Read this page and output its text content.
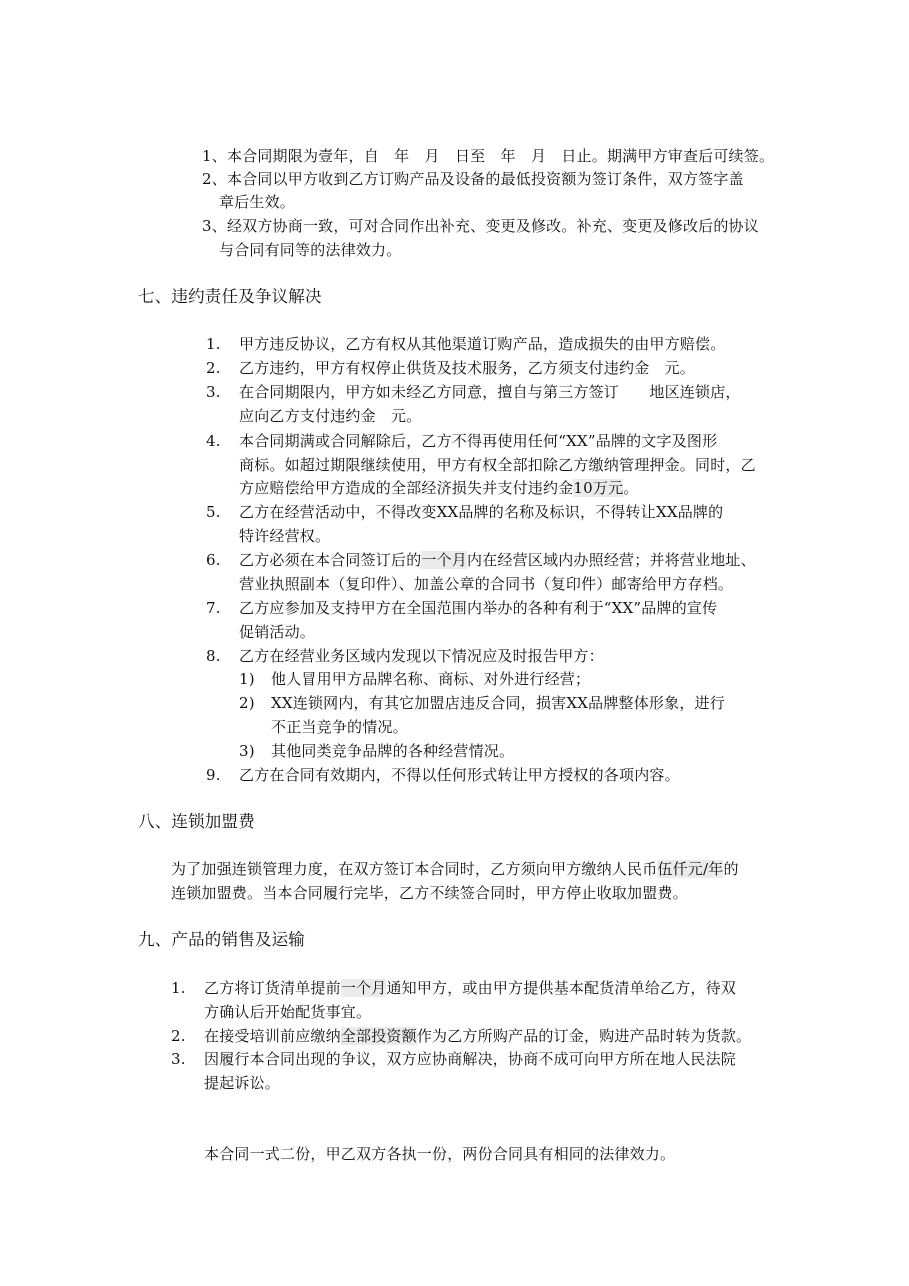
1、本合同期限为壹年，自　年　月　日至　年　月　日止。期满甲方审查后可续签。
2、本合同以甲方收到乙方订购产品及设备的最低投资额为签订条件，双方签字盖
章后生效。
3、经双方协商一致，可对合同作出补充、变更及修改。补充、变更及修改后的协议
与合同有同等的法律效力。
七、违约责任及争议解决
1. 甲方违反协议，乙方有权从其他渠道订购产品，造成损失的由甲方赔偿。
2. 乙方违约，甲方有权停止供货及技术服务，乙方须支付违约金　元。
3. 在合同期限内，甲方如未经乙方同意，擅自与第三方签订　　地区连锁店，
应向乙方支付违约金　元。
4. 本合同期满或合同解除后，乙方不得再使用任何“XX”品牌的文字及图形
商标。如超过期限继续使用，甲方有权全部扣除乙方缴纳管理押金。同时，乙
方应赔偿给甲方造成的全部经济损失并支付违约金10万元。
5. 乙方在经营活动中，不得改变XX品牌的名称及标识，不得转让XX品牌的
特许经营权。
6. 乙方必须在本合同签订后的一个月内在经营区域内办照经营；并将营业地址、
营业执照副本（复印件）、加盖公章的合同书（复印件）邮寄给甲方存档。
7. 乙方应参加及支持甲方在全国范围内举办的各种有利于“XX”品牌的宣传
促销活动。
8. 乙方在经营业务区域内发现以下情况应及时报告甲方：
1) 他人冒用甲方品牌名称、商标、对外进行经营；
2) XX连锁网内，有其它加盟店违反合同，损害XX品牌整体形象，进行
不正当竞争的情况。
3) 其他同类竞争品牌的各种经营情况。
9. 乙方在合同有效期内，不得以任何形式转让甲方授权的各项内容。
八、连锁加盟费
为了加强连锁管理力度，在双方签订本合同时，乙方须向甲方缴纳人民币伍仟元/年的
连锁加盟费。当本合同履行完毕，乙方不续签合同时，甲方停止收取加盟费。
九、产品的销售及运输
1. 乙方将订货清单提前一个月通知甲方，或由甲方提供基本配货清单给乙方，待双
方确认后开始配货事宜。
2. 在接受培训前应缴纳全部投资额作为乙方所购产品的订金，购进产品时转为货款。
3. 因履行本合同出现的争议，双方应协商解决，协商不成可向甲方所在地人民法院
提起诉讼。
本合同一式二份，甲乙双方各执一份，两份合同具有相同的法律效力。
